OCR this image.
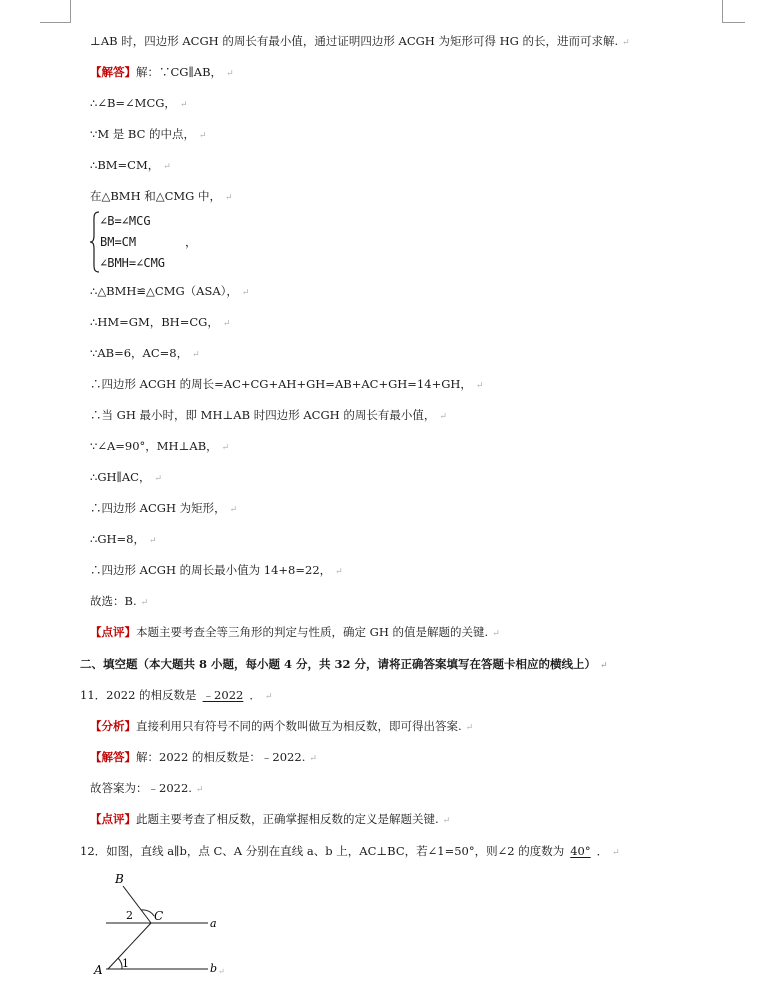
⊥AB 时，四边形 ACGH 的周长有最小值，通过证明四边形 ACGH 为矩形可得 HG 的长，进而可求解. ↵
【解答】解：∵CG∥AB， ↵
∴∠B=∠MCG， ↵
∵M 是 BC 的中点， ↵
∴BM=CM， ↵
在△BMH 和△CMG 中， ↵
∠B=∠MCG
BM=CM	，
∠BMH=∠CMG
∴△BMH≌△CMG（ASA）， ↵
∴HM=GM，BH=CG， ↵
∵AB=6，AC=8， ↵
∴四边形 ACGH 的周长=AC+CG+AH+GH=AB+AC+GH=14+GH， ↵
∴当 GH 最小时，即 MH⊥AB 时四边形 ACGH 的周长有最小值， ↵
∵∠A=90°，MH⊥AB， ↵
∴GH∥AC， ↵
∴四边形 ACGH 为矩形， ↵
∴GH=8， ↵
∴四边形 ACGH 的周长最小值为 14+8=22， ↵
故选：B. ↵
【点评】本题主要考查全等三角形的判定与性质，确定 GH 的值是解题的关键. ↵
二、填空题（本大题共 8 小题，每小题 4 分，共 32 分，请将正确答案填写在答题卡相应的横线上） ↵
11．2022 的相反数是 ﹣2022 ． ↵
【分析】直接利用只有符号不同的两个数叫做互为相反数，即可得出答案. ↵
【解答】解：2022 的相反数是：﹣2022. ↵
故答案为：﹣2022. ↵
【点评】此题主要考查了相反数，正确掌握相反数的定义是解题关键. ↵
12．如图，直线 a∥b，点 C、A 分别在直线 a、b 上，AC⊥BC，若∠1=50°，则∠2 的度数为 40° ． ↵
B
C
a
A	b
1
2
↵
